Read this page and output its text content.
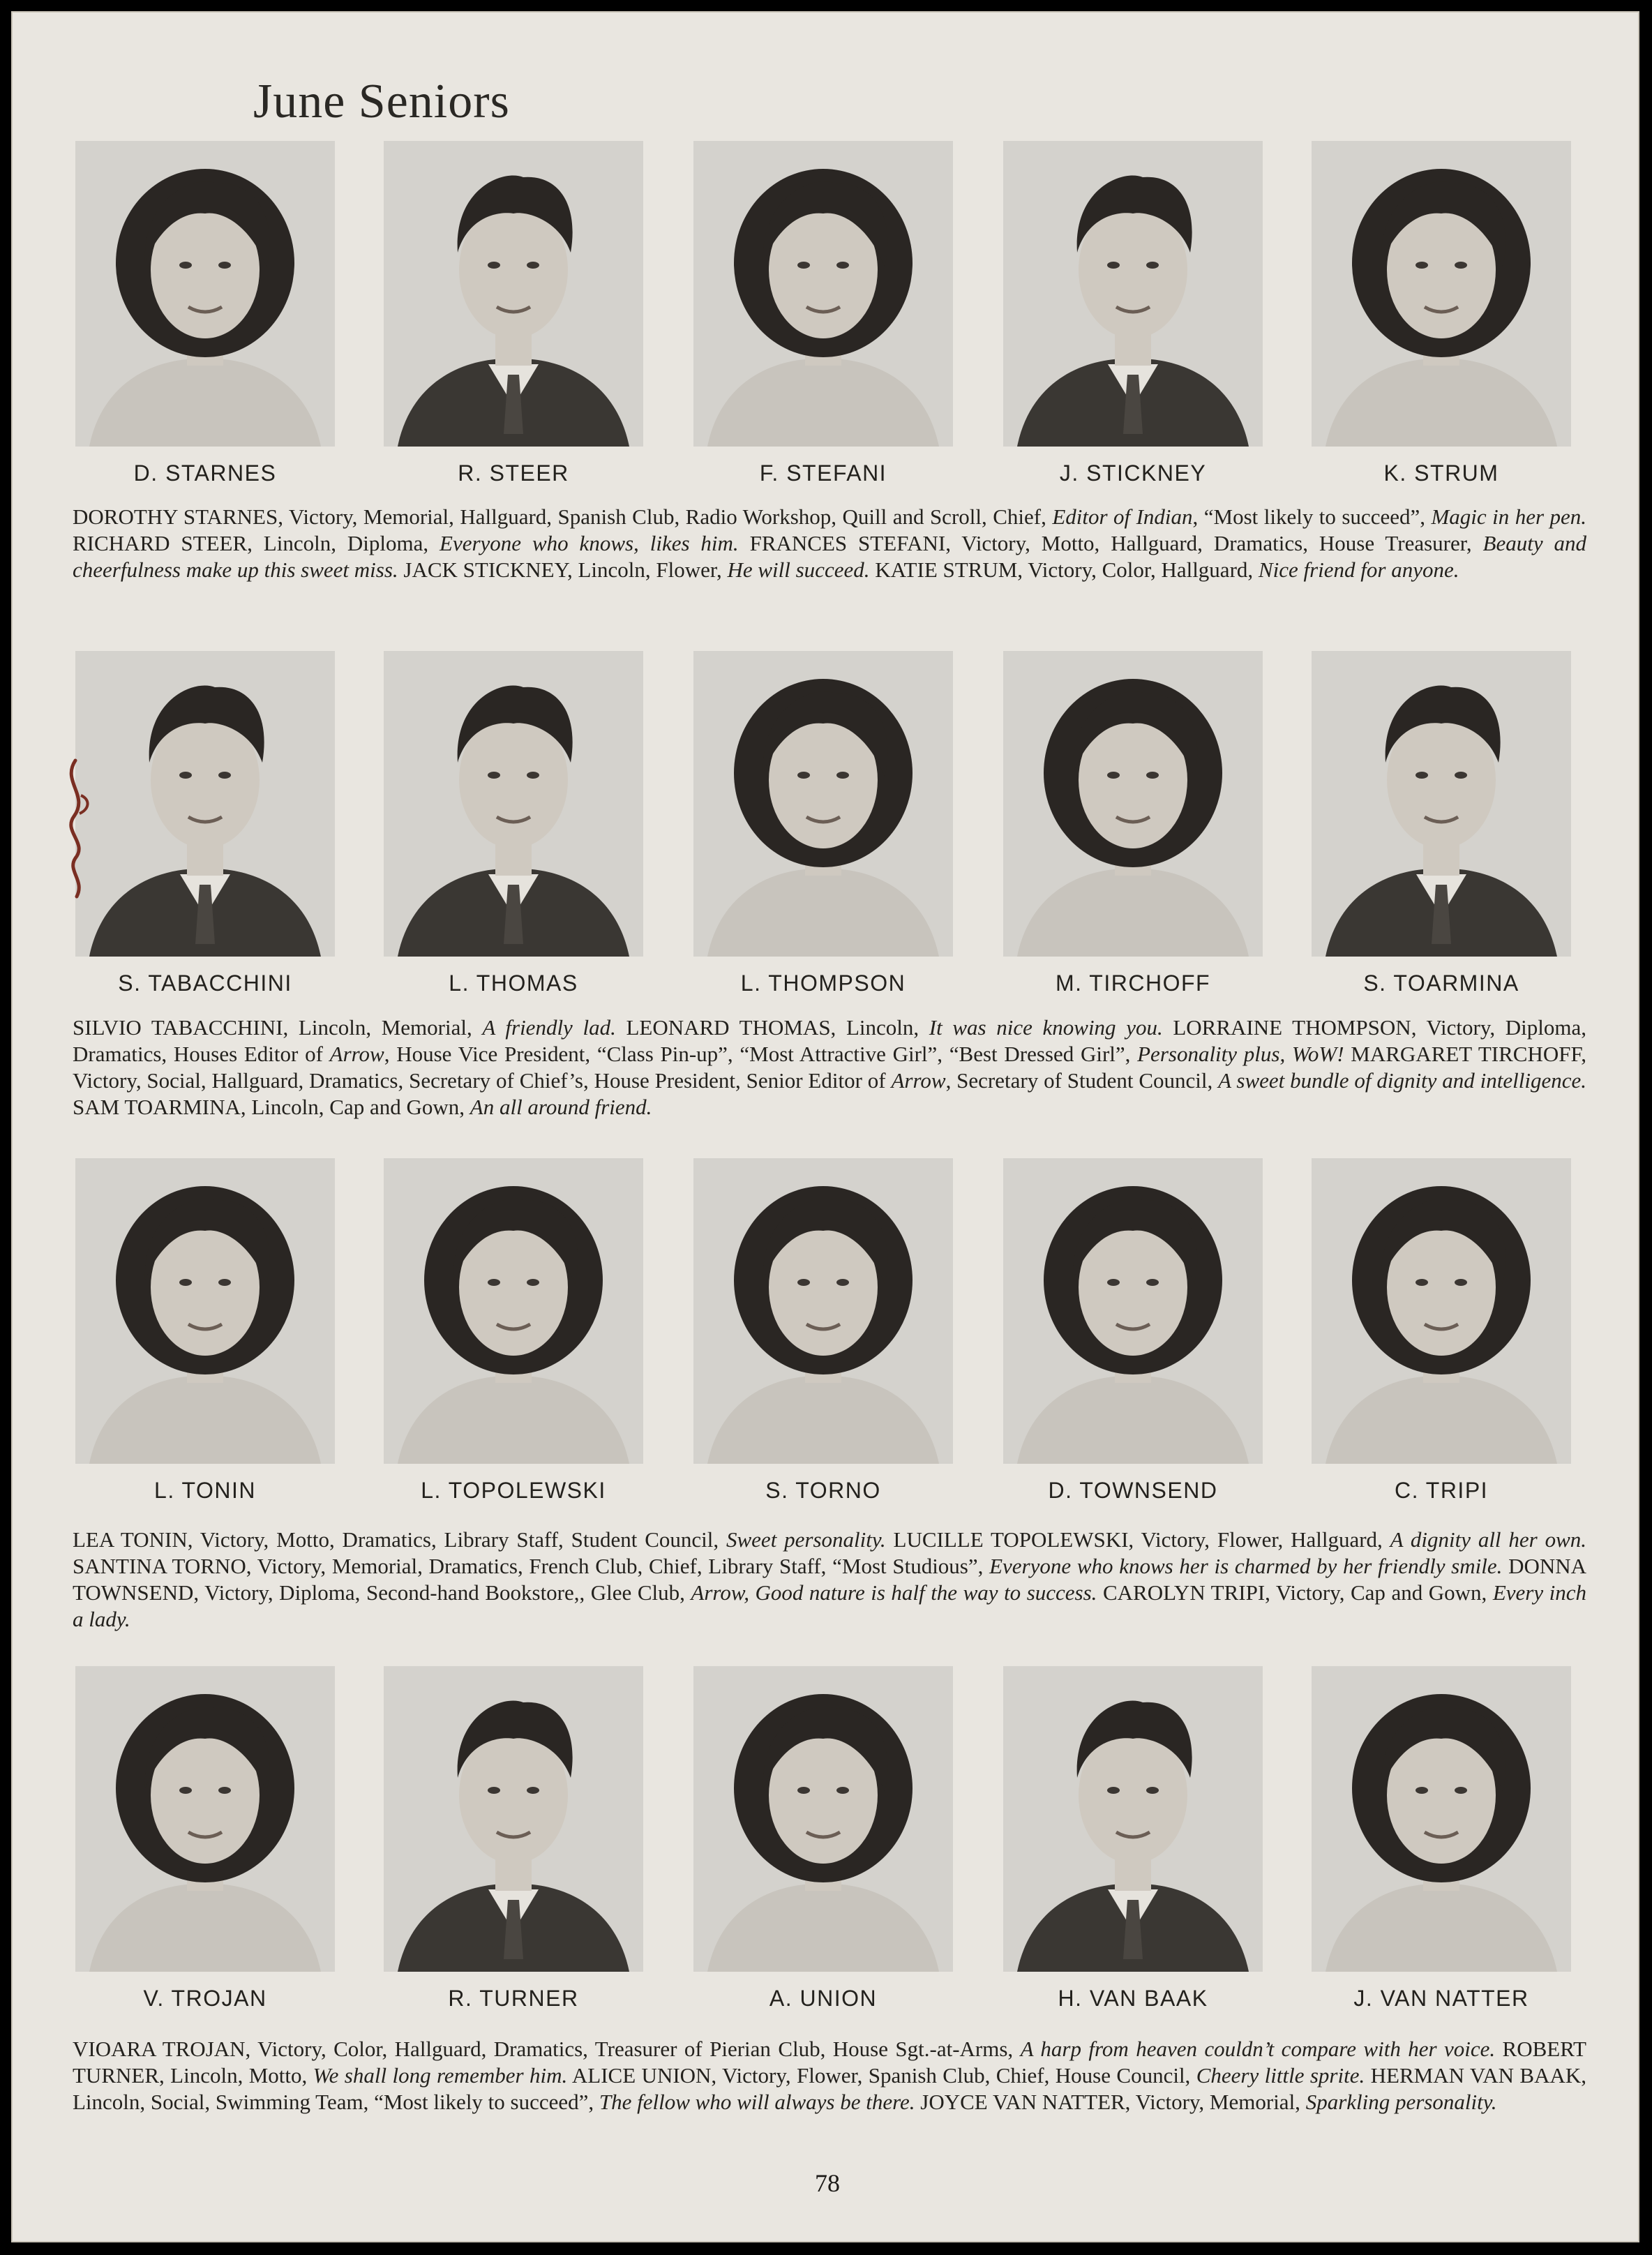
June Seniors
D. STARNES	R. STEER	F. STEFANI	J. STICKNEY	K. STRUM
DOROTHY STARNES, Victory, Memorial, Hallguard, Spanish Club, Radio Workshop, Quill and Scroll, Chief, Editor of Indian, “Most likely to succeed”, Magic in her pen. RICHARD STEER, Lincoln, Diploma, Everyone who knows, likes him. FRANCES STEFANI, Victory, Motto, Hallguard, Dramatics, House Treasurer, Beauty and cheerfulness make up this sweet miss. JACK STICKNEY, Lincoln, Flower, He will succeed. KATIE STRUM, Victory, Color, Hallguard, Nice friend for anyone.
S. TABACCHINI	L. THOMAS	L. THOMPSON	M. TIRCHOFF	S. TOARMINA
SILVIO TABACCHINI, Lincoln, Memorial, A friendly lad. LEONARD THOMAS, Lincoln, It was nice knowing you. LORRAINE THOMPSON, Victory, Diploma, Dramatics, Houses Editor of Arrow, House Vice President, “Class Pin-up”, “Most Attractive Girl”, “Best Dressed Girl”, Personality plus, WoW! MARGARET TIRCHOFF, Victory, Social, Hallguard, Dramatics, Secretary of Chief’s, House President, Senior Editor of Arrow, Secretary of Student Council, A sweet bundle of dignity and intelligence. SAM TOARMINA, Lincoln, Cap and Gown, An all around friend.
L. TONIN	L. TOPOLEWSKI	S. TORNO	D. TOWNSEND	C. TRIPI
LEA TONIN, Victory, Motto, Dramatics, Library Staff, Student Council, Sweet personality. LUCILLE TOPOLEWSKI, Victory, Flower, Hallguard, A dignity all her own. SANTINA TORNO, Victory, Memorial, Dramatics, French Club, Chief, Library Staff, “Most Studious”, Everyone who knows her is charmed by her friendly smile. DONNA TOWNSEND, Victory, Diploma, Second-hand Bookstore,, Glee Club, Arrow, Good nature is half the way to success. CAROLYN TRIPI, Victory, Cap and Gown, Every inch a lady.
V. TROJAN	R. TURNER	A. UNION	H. VAN BAAK	J. VAN NATTER
VIOARA TROJAN, Victory, Color, Hallguard, Dramatics, Treasurer of Pierian Club, House Sgt.-at-Arms, A harp from heaven couldn’t compare with her voice. ROBERT TURNER, Lincoln, Motto, We shall long remember him. ALICE UNION, Victory, Flower, Spanish Club, Chief, House Council, Cheery little sprite. HERMAN VAN BAAK, Lincoln, Social, Swimming Team, “Most likely to succeed”, The fellow who will always be there. JOYCE VAN NATTER, Victory, Memorial, Sparkling personality.
78
